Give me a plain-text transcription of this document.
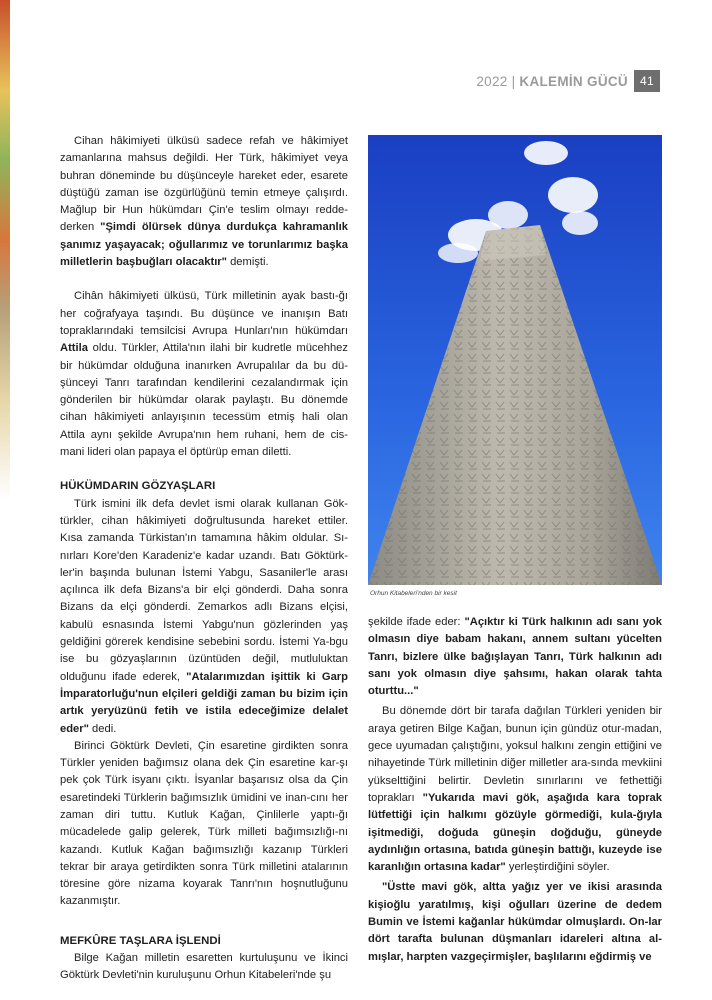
2022 | KALEMİN GÜCÜ	41

Cihan hâkimiyeti ülküsü sadece refah ve hâkimiyet zamanlarına mahsus değildi. Her Türk, hâkimiyet veya buhran döneminde bu düşünceyle hareket eder, esarete düştüğü zaman ise özgürlüğünü temin etmeye çalışırdı. Mağlup bir Hun hükümdarı Çin'e teslim olmayı redde-derken "Şimdi ölürsek dünya durdukça kahramanlık şanımız yaşayacak; oğullarımız ve torunlarımız başka milletlerin başbuğları olacaktır" demişti.

Cihân hâkimiyeti ülküsü, Türk milletinin ayak bastı-ğı her coğrafyaya taşındı. Bu düşünce ve inanışın Batı topraklarındaki temsilcisi Avrupa Hunları'nın hükümdarı Attila oldu. Türkler, Attila'nın ilahi bir kudretle mücehhez bir hükümdar olduğuna inanırken Avrupalılar da bu dü-şünceyi Tanrı tarafından kendilerini cezalandırmak için gönderilen bir hükümdar olarak paylaştı. Bu dönemde cihan hâkimiyeti anlayışının tecessüm etmiş hali olan Attila aynı şekilde Avrupa'nın hem ruhani, hem de cis-mani lideri olan papaya el öptürüp eman diletti.

HÜKÜMDARIN GÖZYAŞLARI

Türk ismini ilk defa devlet ismi olarak kullanan Gök-türkler, cihan hâkimiyeti doğrultusunda hareket ettiler. Kısa zamanda Türkistan'ın tamamına hâkim oldular. Sı-nırları Kore'den Karadeniz'e kadar uzandı. Batı Göktürk-ler'in başında bulunan İstemi Yabgu, Sasaniler'le arası açılınca ilk defa Bizans'a bir elçi gönderdi. Daha sonra Bizans da elçi gönderdi. Zemarkos adlı Bizans elçisi, kabulü esnasında İstemi Yabgu'nun gözlerinden yaş geldiğini görerek kendisine sebebini sordu. İstemi Ya-bgu ise bu gözyaşlarının üzüntüden değil, mutluluktan olduğunu ifade ederek, "Atalarımızdan işittik ki Garp İmparatorluğu'nun elçileri geldiği zaman bu bizim için artık yeryüzünü fetih ve istila edeceğimize delalet eder" dedi.

Birinci Göktürk Devleti, Çin esaretine girdikten sonra Türkler yeniden bağımsız olana dek Çin esaretine kar-şı pek çok Türk isyanı çıktı. İsyanlar başarısız olsa da Çin esaretindeki Türklerin bağımsızlık ümidini ve inan-cını her zaman diri tuttu. Kutluk Kağan, Çinlilerle yaptı-ğı mücadelede galip gelerek, Türk milleti bağımsızlığı-nı kazandı. Kutluk Kağan bağımsızlığı kazanıp Türkleri tekrar bir araya getirdikten sonra Türk milletini atalarının töresine göre nizama koyarak Tanrı'nın hoşnutluğunu kazanmıştır.

MEFKÛRE TAŞLARA İŞLENDİ

Bilge Kağan milletin esaretten kurtuluşunu ve İkinci Göktürk Devleti'nin kuruluşunu Orhun Kitabeleri'nde şu

Orhun Kitabeleri'nden bir kesit

şekilde ifade eder: "Açıktır ki Türk halkının adı sanı yok olmasın diye babam hakanı, annem sultanı yücelten Tanrı, bizlere ülke bağışlayan Tanrı, Türk halkının adı sanı yok olmasın diye şahsımı, hakan olarak tahta oturttu..."

Bu dönemde dört bir tarafa dağılan Türkleri yeniden bir araya getiren Bilge Kağan, bunun için gündüz otur-madan, gece uyumadan çalıştığını, yoksul halkını zengin ettiğini ve nihayetinde Türk milletinin diğer milletler ara-sında mevkiini yükselttiğini belirtir. Devletin sınırlarını ve fethettiği toprakları "Yukarıda mavi gök, aşağıda kara toprak lütfettiği için halkımı gözüyle görmediği, kula-ğıyla işitmediği, doğuda güneşin doğduğu, güneyde aydınlığın ortasına, batıda güneşin battığı, kuzeyde ise karanlığın ortasına kadar" yerleştirdiğini söyler.

"Üstte mavi gök, altta yağız yer ve ikisi arasında kişioğlu yaratılmış, kişi oğulları üzerine de dedem Bumin ve İstemi kağanlar hükümdar olmuşlardı. On-lar dört tarafta bulunan düşmanları idareleri altına al-mışlar, harpten vazgeçirmişler, başlılarını eğdirmiş ve
